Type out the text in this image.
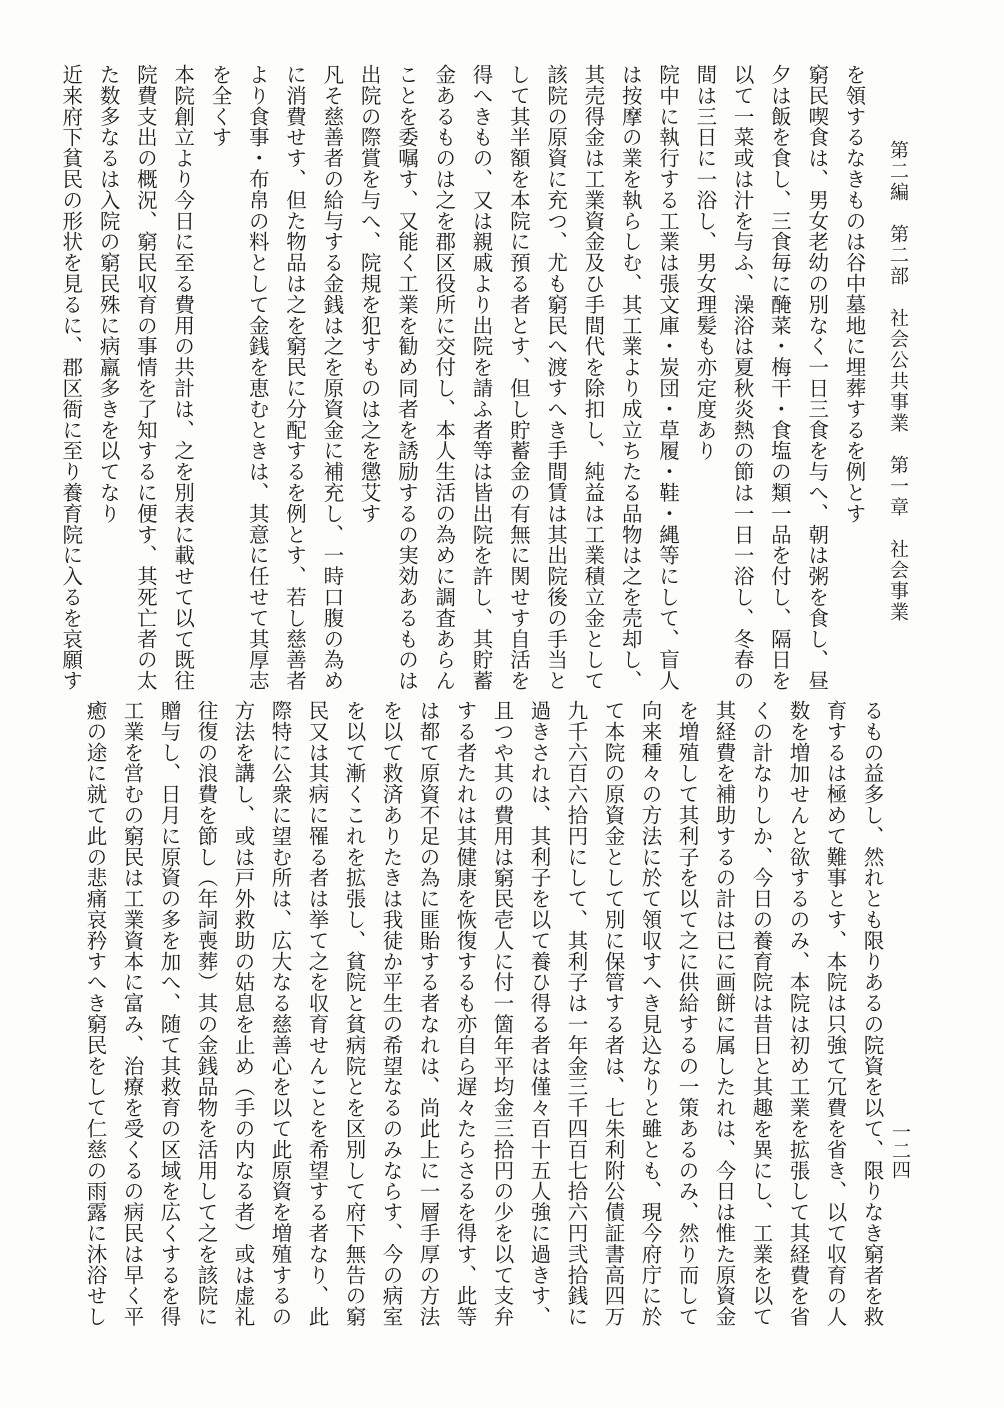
第二編　第二部　社会公共事業　第一章　社会事業
を領するなきものは谷中墓地に埋葬するを例とす
窮民喫食は、男女老幼の別なく一日三食を与へ、朝は粥を食し、昼
夕は飯を食し、三食毎に醃菜・梅干・食塩の類一品を付し、隔日を
以て一菜或は汁を与ふ、澡浴は夏秋炎熱の節は一日一浴し、冬春の
間は三日に一浴し、男女理髪も亦定度あり
院中に執行する工業は張文庫・炭団・草履・鞋・縄等にして、盲人
は按摩の業を執らしむ、其工業より成立ちたる品物は之を売却し、
其売得金は工業資金及ひ手間代を除扣し、純益は工業積立金として
該院の原資に充つ、尤も窮民へ渡すへき手間賃は其出院後の手当と
して其半額を本院に預る者とす、但し貯蓄金の有無に関せす自活を
得へきもの、又は親戚より出院を請ふ者等は皆出院を許し、其貯蓄
金あるものは之を郡区役所に交付し、本人生活の為めに調査あらん
ことを委嘱す、又能く工業を勧め同者を誘励するの実効あるものは
出院の際賞を与へ、院規を犯すものは之を懲艾す
凡そ慈善者の給与する金銭は之を原資金に補充し、一時口腹の為め
に消費せす、但た物品は之を窮民に分配するを例とす、若し慈善者
より食事・布帛の料として金銭を恵むときは、其意に任せて其厚志
を全くす
本院創立より今日に至る費用の共計は、之を別表に載せて以て既往
院費支出の概況、窮民収育の事情を了知するに便す、其死亡者の太
た数多なるは入院の窮民殊に病羸多きを以てなり
近来府下貧民の形状を見るに、郡区衙に至り養育院に入るを哀願す
一二四
るもの益多し、然れとも限りあるの院資を以て、限りなき窮者を救
育するは極めて難事とす、本院は只強て冗費を省き、以て収育の人
数を増加せんと欲するのみ、本院は初め工業を拡張して其経費を省
くの計なりしか、今日の養育院は昔日と其趣を異にし、工業を以て
其経費を補助するの計は已に画餅に属したれは、今日は惟た原資金
を増殖して其利子を以て之に供給するの一策あるのみ、然り而して
向来種々の方法に於て領収すへき見込なりと雖とも、現今府庁に於
て本院の原資金として別に保管する者は、七朱利附公債証書高四万
九千六百六拾円にして、其利子は一年金三千四百七拾六円弐拾銭に
過きされは、其利子を以て養ひ得る者は僅々百十五人強に過きす、
且つや其の費用は窮民壱人に付一箇年平均金三拾円の少を以て支弁
する者たれは其健康を恢復するも亦自ら遅々たらさるを得す、此等
は都て原資不足の為に匪貽する者なれは、尚此上に一層手厚の方法
を以て救済ありたきは我徒か平生の希望なるのみならす、今の病室
を以て漸くこれを拡張し、貧院と貧病院とを区別して府下無告の窮
民又は其病に罹る者は挙て之を収育せんことを希望する者なり、此
際特に公衆に望む所は、広大なる慈善心を以て此原資を増殖するの
方法を講し、或は戸外救助の姑息を止め（手の内なる者）或は虚礼
往復の浪費を節し（年詞喪葬）其の金銭品物を活用して之を該院に
贈与し、日月に原資の多を加へ、随て其救育の区域を広くするを得
工業を営むの窮民は工業資本に富み、治療を受くるの病民は早く平
癒の途に就て此の悲痛哀矜すへき窮民をして仁慈の雨露に沐浴せし
